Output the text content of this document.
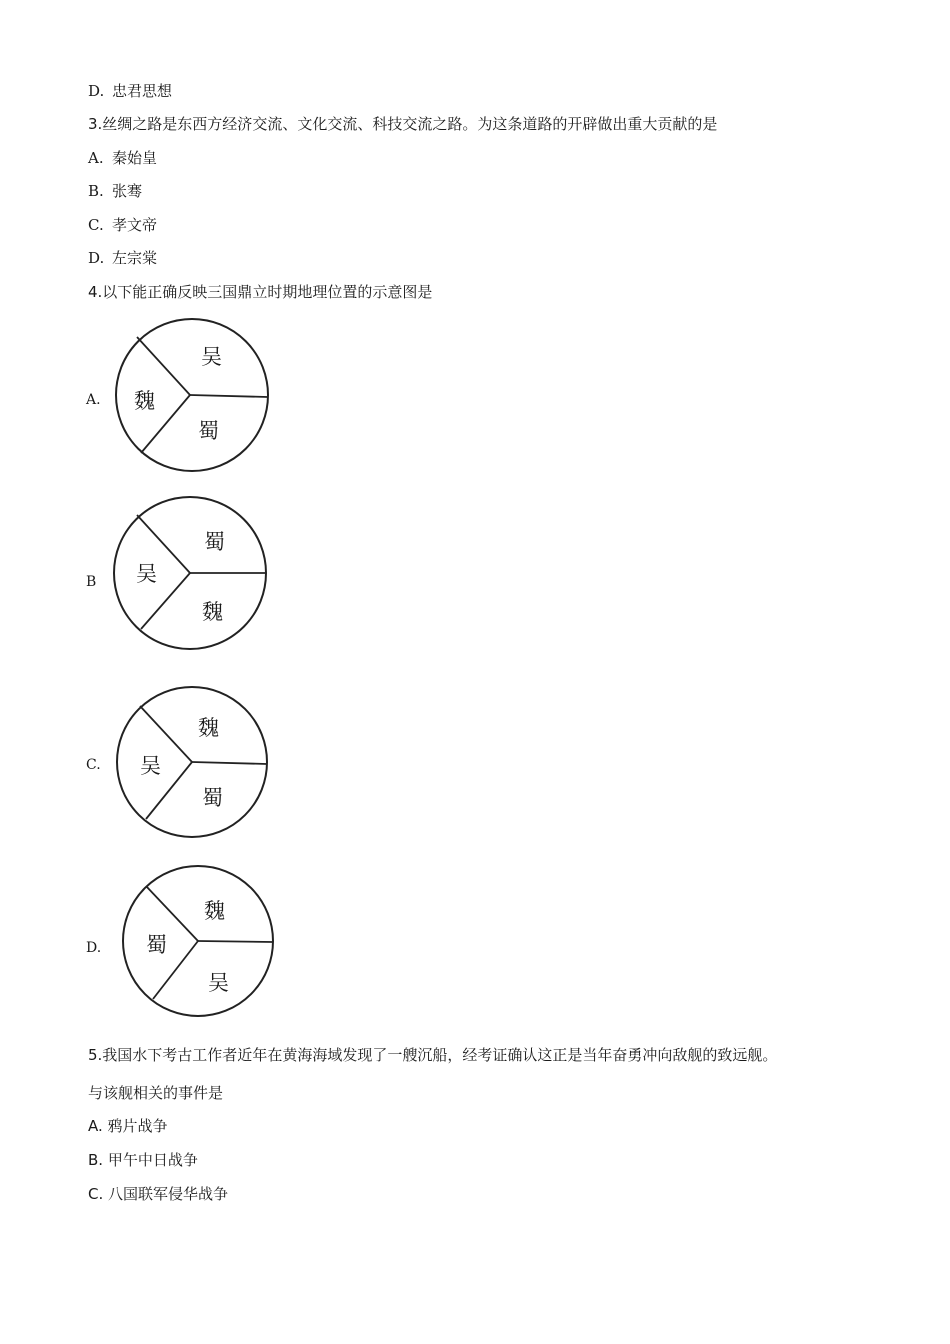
D. 忠君思想
3.丝绸之路是东西方经济交流、文化交流、科技交流之路。为这条道路的开辟做出重大贡献的是
A. 秦始皇
B. 张骞
C. 孝文帝
D. 左宗棠
4.以下能正确反映三国鼎立时期地理位置的示意图是
A.
吴
魏
蜀
B
蜀
吴
魏
C.
魏
吴
蜀
D.
魏
蜀
吴
5.我国水下考古工作者近年在黄海海域发现了一艘沉船，经考证确认这正是当年奋勇冲向敌舰的致远舰。
与该舰相关的事件是
A. 鸦片战争
B. 甲午中日战争
C. 八国联军侵华战争
